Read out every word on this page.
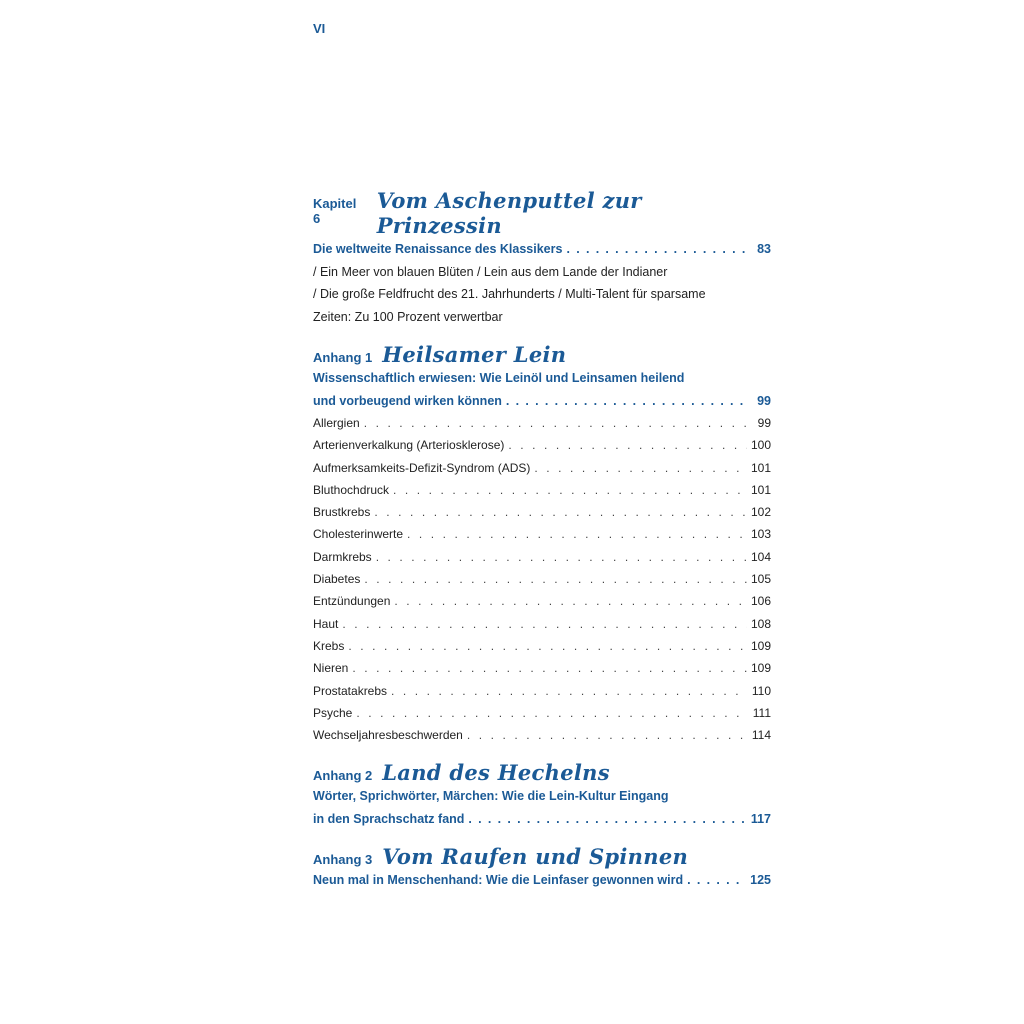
VI
Kapitel 6
Vom Aschenputtel zur Prinzessin
Die weltweite Renaissance des Klassikers . . .	83
/ Ein Meer von blauen Blüten / Lein aus dem Lande der Indianer
/ Die große Feldfrucht des 21. Jahrhunderts / Multi-Talent für sparsame
Zeiten: Zu 100 Prozent verwertbar
Anhang 1 Heilsamer Lein
Wissenschaftlich erwiesen: Wie Leinöl und Leinsamen heilend
und vorbeugend wirken können . . .	99
Allergien . . .	99
Arterienverkalkung (Arteriosklerose) . . .	100
Aufmerksamkeits-Defizit-Syndrom (ADS) . . .	101
Bluthochdruck . . .	101
Brustkrebs . . .	102
Cholesterinwerte . . .	103
Darmkrebs . . .	104
Diabetes . . .	105
Entzündungen . . .	106
Haut . . .	108
Krebs . . .	109
Nieren . . .	109
Prostatakrebs . . .	110
Psyche . . .	111
Wechseljahresbeschwerden . . .	114
Anhang 2 Land des Hechelns
Wörter, Sprichwörter, Märchen: Wie die Lein-Kultur Eingang
in den Sprachschatz fand . . .	117
Anhang 3 Vom Raufen und Spinnen
Neun mal in Menschenhand: Wie die Leinfaser gewonnen wird . . .	125
